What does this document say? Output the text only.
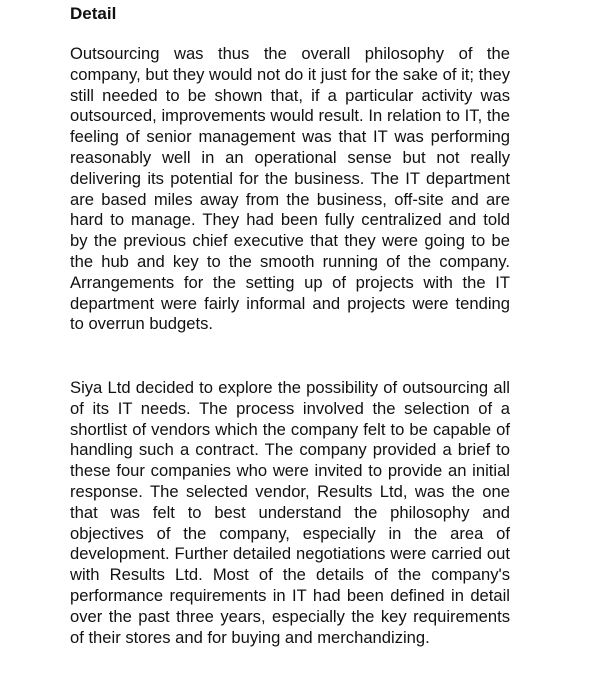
Detail

Outsourcing was thus the overall philosophy of the company, but they would not do it just for the sake of it; they still needed to be shown that, if a particular activity was outsourced, improvements would result. In relation to IT, the feeling of senior management was that IT was performing reasonably well in an operational sense but not really delivering its potential for the business. The IT department are based miles away from the business, off-site and are hard to manage. They had been fully centralized and told by the previous chief executive that they were going to be the hub and key to the smooth running of the company. Arrangements for the setting up of projects with the IT department were fairly informal and projects were tending to overrun budgets.

Siya Ltd decided to explore the possibility of outsourcing all of its IT needs. The process involved the selection of a shortlist of vendors which the company felt to be capable of handling such a contract. The company provided a brief to these four companies who were invited to provide an initial response. The selected vendor, Results Ltd, was the one that was felt to best understand the philosophy and objectives of the company, especially in the area of development. Further detailed negotiations were carried out with Results Ltd. Most of the details of the company's performance requirements in IT had been defined in detail over the past three years, especially the key requirements of their stores and for buying and merchandizing.
